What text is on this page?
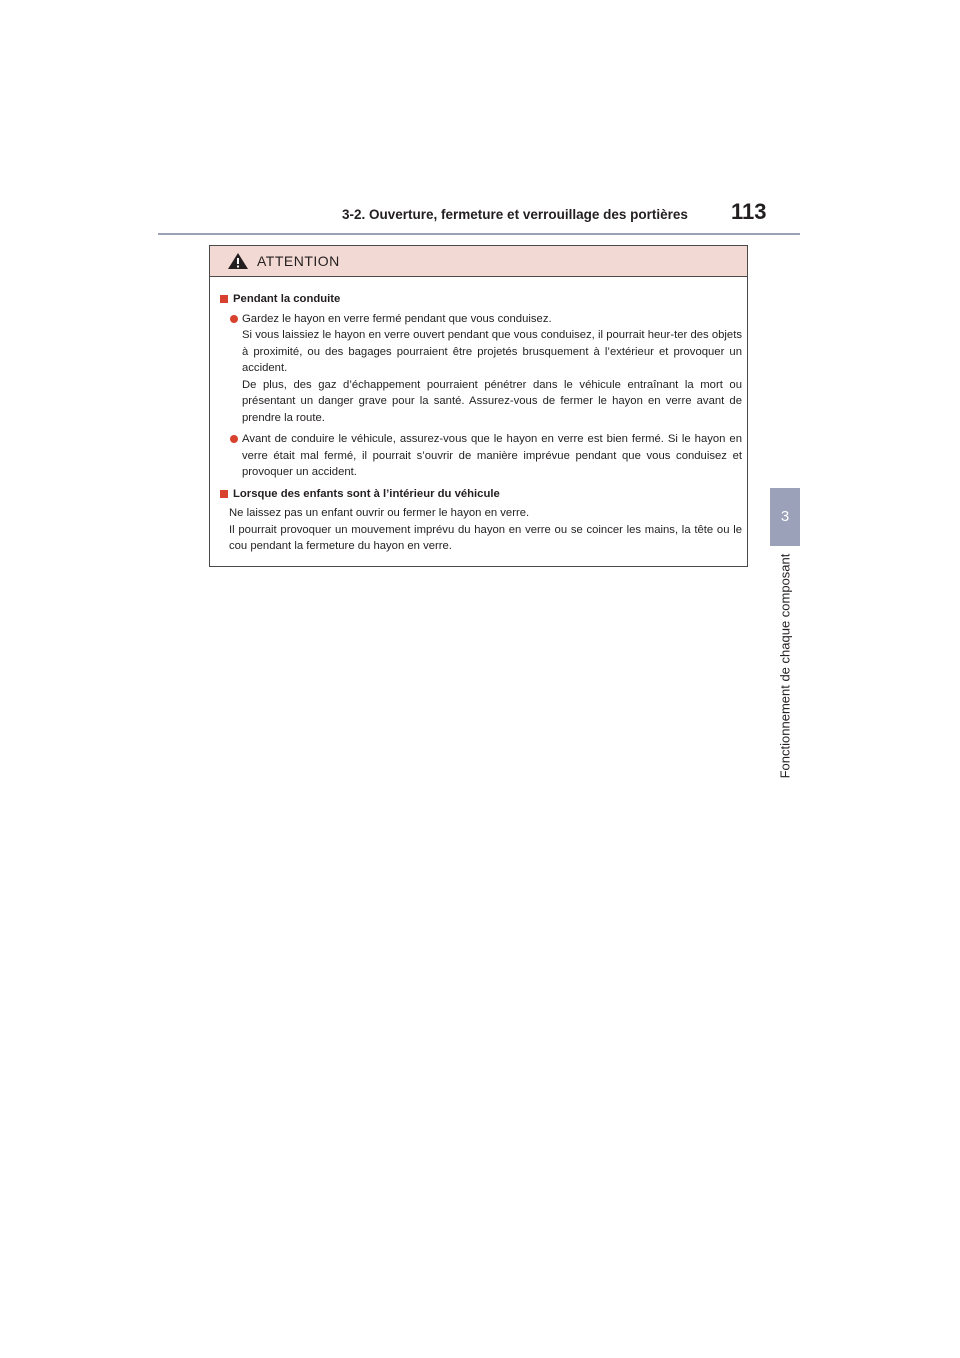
3-2. Ouverture, fermeture et verrouillage des portières 113
3
Fonctionnement de chaque composant
ATTENTION
Pendant la conduite
Gardez le hayon en verre fermé pendant que vous conduisez.
Si vous laissiez le hayon en verre ouvert pendant que vous conduisez, il pourrait heur-ter des objets à proximité, ou des bagages pourraient être projetés brusquement à l’extérieur et provoquer un accident.
De plus, des gaz d’échappement pourraient pénétrer dans le véhicule entraînant la mort ou présentant un danger grave pour la santé. Assurez-vous de fermer le hayon en verre avant de prendre la route.
Avant de conduire le véhicule, assurez-vous que le hayon en verre est bien fermé. Si le hayon en verre était mal fermé, il pourrait s’ouvrir de manière imprévue pendant que vous conduisez et provoquer un accident.
Lorsque des enfants sont à l’intérieur du véhicule
Ne laissez pas un enfant ouvrir ou fermer le hayon en verre.
Il pourrait provoquer un mouvement imprévu du hayon en verre ou se coincer les mains, la tête ou le cou pendant la fermeture du hayon en verre.
